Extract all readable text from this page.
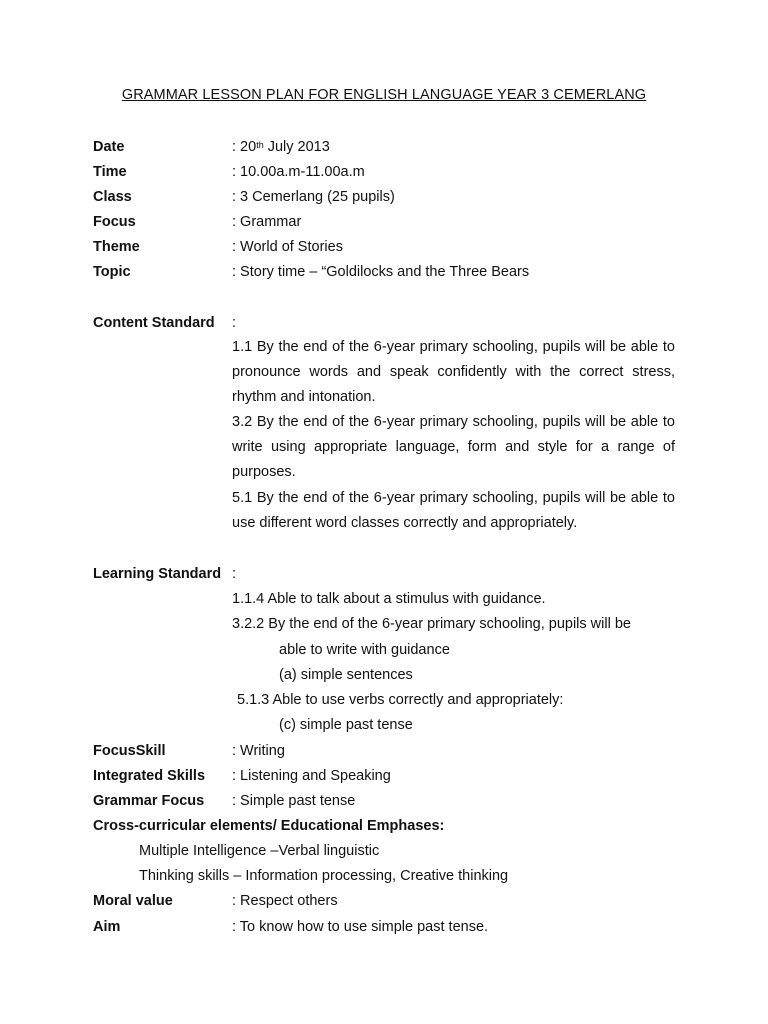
GRAMMAR LESSON PLAN FOR ENGLISH LANGUAGE YEAR 3 CEMERLANG
Date	: 20th July 2013
Time	: 10.00a.m-11.00a.m
Class	: 3 Cemerlang (25 pupils)
Focus	: Grammar
Theme	: World of Stories
Topic	: Story time – “Goldilocks and the Three Bears
Content Standard :
1.1 By the end of the 6-year primary schooling, pupils will be able to pronounce words and speak confidently with the correct stress, rhythm and intonation.
3.2 By the end of the 6-year primary schooling, pupils will be able to write using appropriate language, form and style for a range of purposes.
5.1 By the end of the 6-year primary schooling, pupils will be able to use different word classes correctly and appropriately.
Learning Standard :
1.1.4 Able to talk about a stimulus with guidance.
3.2.2 By the end of the 6-year primary schooling, pupils will be
able to write with guidance
(a) simple sentences
5.1.3 Able to use verbs correctly and appropriately:
(c) simple past tense
FocusSkill	: Writing
Integrated Skills : Listening and Speaking
Grammar Focus : Simple past tense
Cross-curricular elements/ Educational Emphases:
Multiple Intelligence –Verbal linguistic
Thinking skills – Information processing, Creative thinking
Moral value	: Respect others
Aim	: To know how to use simple past tense.
